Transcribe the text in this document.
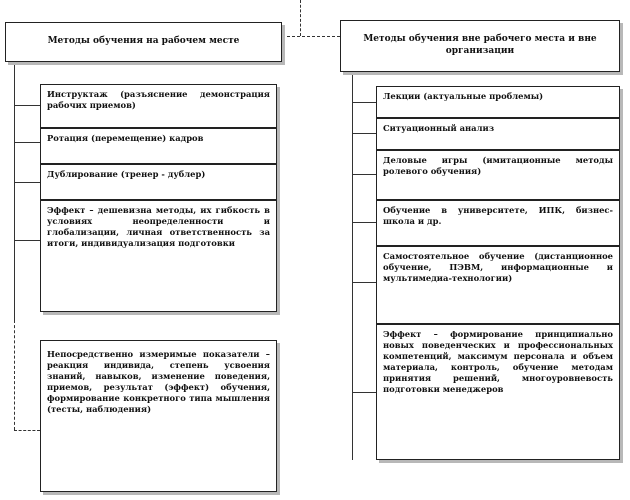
Методы обучения на рабочем месте	Методы обучения вне рабочего места и вне организации
Инструктаж (разъяснение демонстрация рабочих приемов)
Ротация (перемещение) кадров
Дублирование (тренер - дублер)
Эффект – дешевизна методы, их гибкость в условиях неопределенности и глобализации, личная ответственность за итоги, индивидуализация подготовки
Непосредственно измеримые показатели – реакция индивида, степень усвоения знаний, навыков, изменение поведения, приемов, результат (эффект) обучения, формирование конкретного типа мышления (тесты, наблюдения)
Лекции (актуальные проблемы)
Ситуационный анализ
Деловые игры (имитационные методы ролевого обучения)
Обучение в университете, ИПК, бизнес-школа и др.
Самостоятельное обучение (дистанционное обучение, ПЭВМ, информационные и мультимедиа-технологии)
Эффект – формирование принципиально новых поведенческих и профессиональных компетенций, максимум персонала и объем материала, контроль, обучение методам принятия решений, многоуровневость подготовки менеджеров
